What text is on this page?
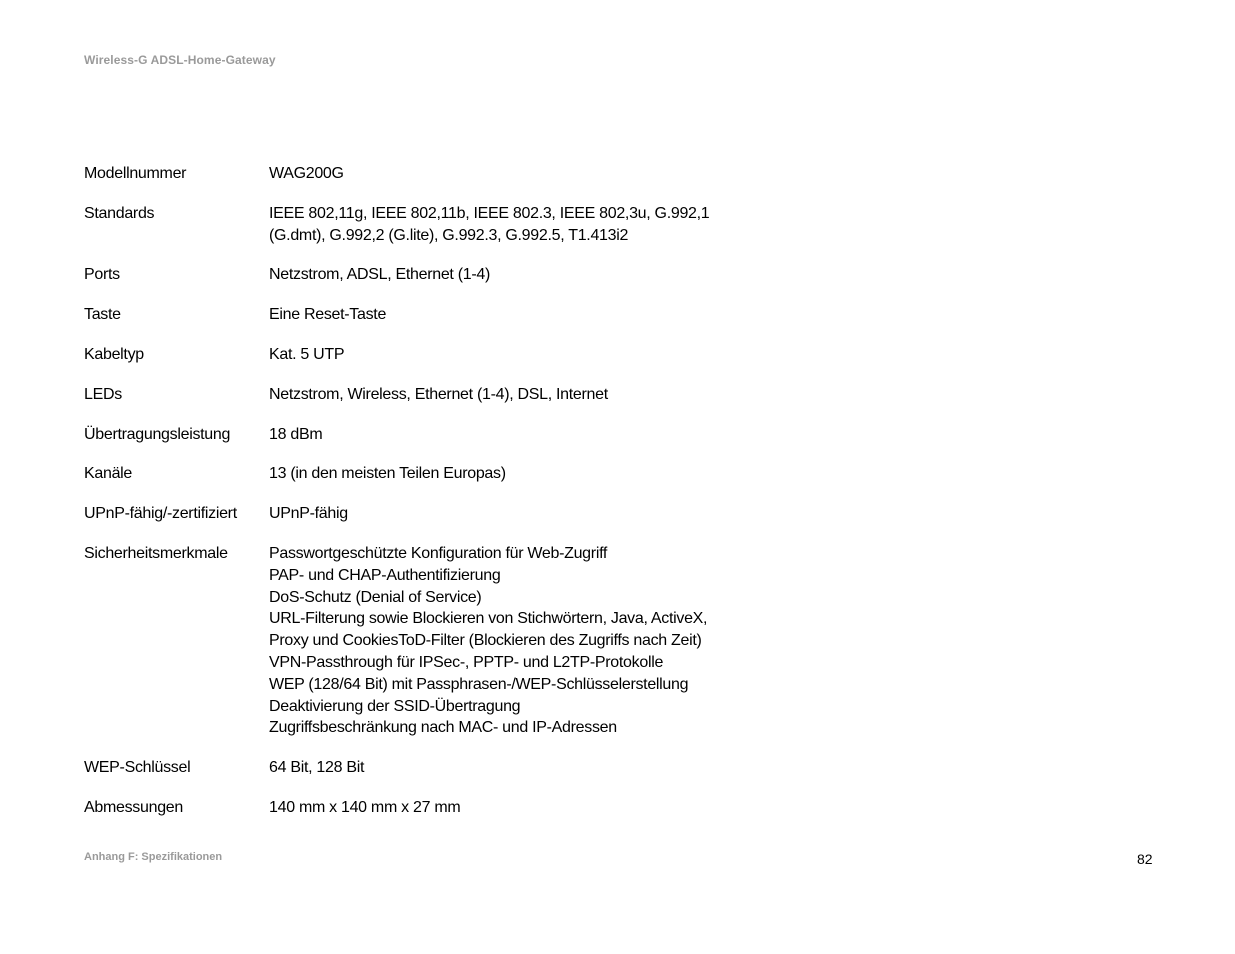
Wireless-G ADSL-Home-Gateway
Modellnummer	WAG200G
Standards	IEEE 802,11g, IEEE 802,11b, IEEE 802.3, IEEE 802,3u, G.992,1
(G.dmt), G.992,2 (G.lite), G.992.3, G.992.5, T1.413i2
Ports	Netzstrom, ADSL, Ethernet (1-4)
Taste	Eine Reset-Taste
Kabeltyp	Kat. 5 UTP
LEDs	Netzstrom, Wireless, Ethernet (1-4), DSL, Internet
Übertragungsleistung	18 dBm
Kanäle	13 (in den meisten Teilen Europas)
UPnP-fähig/-zertifiziert	UPnP-fähig
Sicherheitsmerkmale	Passwortgeschützte Konfiguration für Web-Zugriff
PAP- und CHAP-Authentifizierung
DoS-Schutz (Denial of Service)
URL-Filterung sowie Blockieren von Stichwörtern, Java, ActiveX,
Proxy und CookiesToD-Filter (Blockieren des Zugriffs nach Zeit)
VPN-Passthrough für IPSec-, PPTP- und L2TP-Protokolle
WEP (128/64 Bit) mit Passphrasen-/WEP-Schlüsselerstellung
Deaktivierung der SSID-Übertragung
Zugriffsbeschränkung nach MAC- und IP-Adressen
WEP-Schlüssel	64 Bit, 128 Bit
Abmessungen	140 mm x 140 mm x 27 mm
Anhang F: Spezifikationen	82
